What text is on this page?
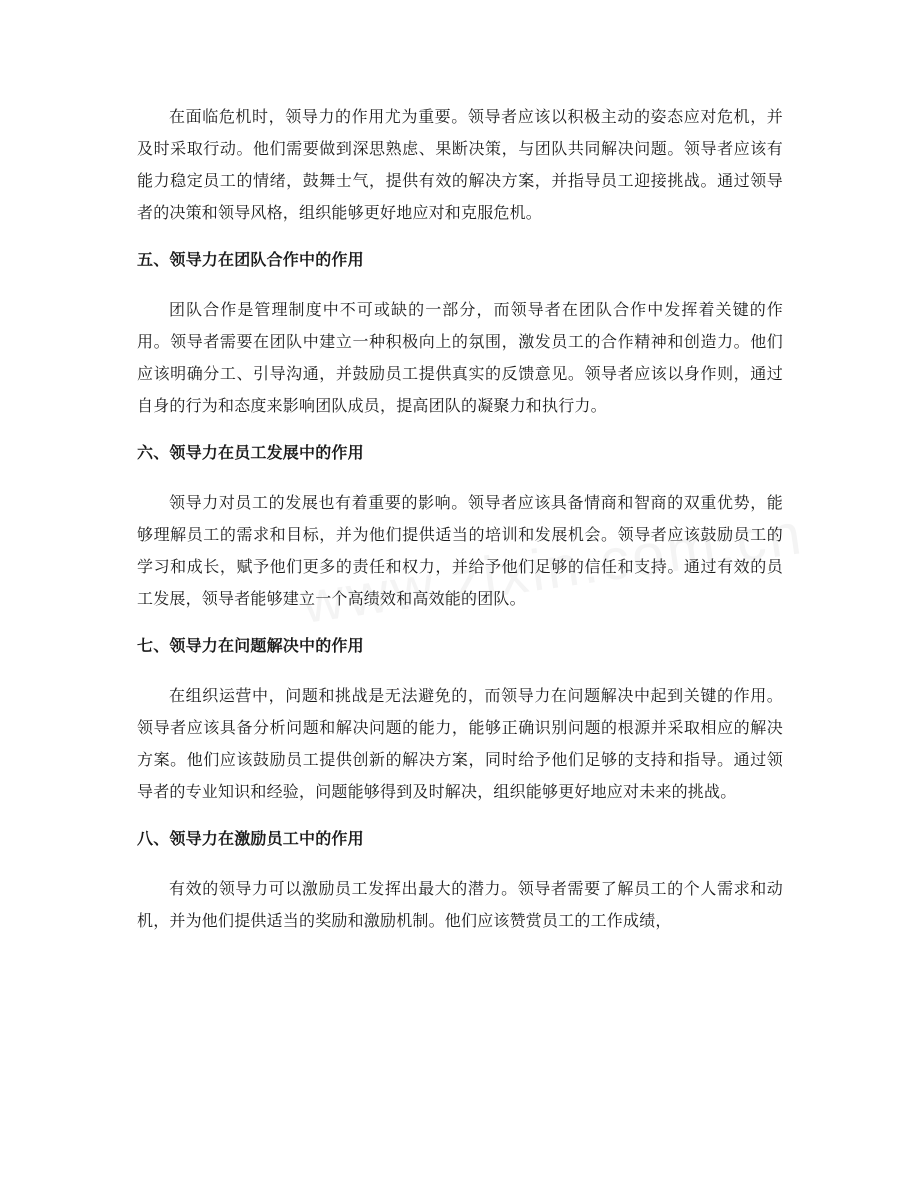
在面临危机时，领导力的作用尤为重要。领导者应该以积极主动的姿态应对危机，并及时采取行动。他们需要做到深思熟虑、果断决策，与团队共同解决问题。领导者应该有能力稳定员工的情绪，鼓舞士气，提供有效的解决方案，并指导员工迎接挑战。通过领导者的决策和领导风格，组织能够更好地应对和克服危机。

五、领导力在团队合作中的作用

团队合作是管理制度中不可或缺的一部分，而领导者在团队合作中发挥着关键的作用。领导者需要在团队中建立一种积极向上的氛围，激发员工的合作精神和创造力。他们应该明确分工、引导沟通，并鼓励员工提供真实的反馈意见。领导者应该以身作则，通过自身的行为和态度来影响团队成员，提高团队的凝聚力和执行力。

六、领导力在员工发展中的作用

领导力对员工的发展也有着重要的影响。领导者应该具备情商和智商的双重优势，能够理解员工的需求和目标，并为他们提供适当的培训和发展机会。领导者应该鼓励员工的学习和成长，赋予他们更多的责任和权力，并给予他们足够的信任和支持。通过有效的员工发展，领导者能够建立一个高绩效和高效能的团队。

七、领导力在问题解决中的作用

在组织运营中，问题和挑战是无法避免的，而领导力在问题解决中起到关键的作用。领导者应该具备分析问题和解决问题的能力，能够正确识别问题的根源并采取相应的解决方案。他们应该鼓励员工提供创新的解决方案，同时给予他们足够的支持和指导。通过领导者的专业知识和经验，问题能够得到及时解决，组织能够更好地应对未来的挑战。

八、领导力在激励员工中的作用

有效的领导力可以激励员工发挥出最大的潜力。领导者需要了解员工的个人需求和动机，并为他们提供适当的奖励和激励机制。他们应该赞赏员工的工作成绩，
